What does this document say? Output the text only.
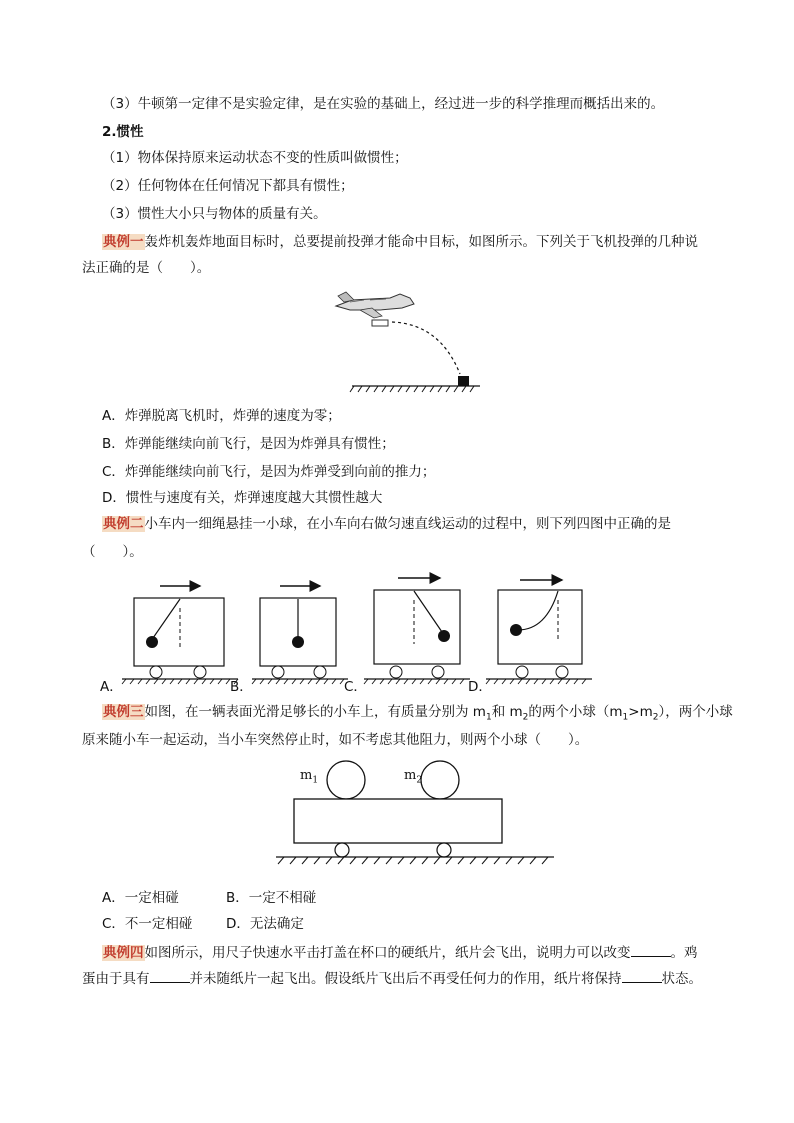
（3）牛顿第一定律不是实验定律，是在实验的基础上，经过进一步的科学推理而概括出来的。
2.惯性
（1）物体保持原来运动状态不变的性质叫做惯性；
（2）任何物体在任何情况下都具有惯性；
（3）惯性大小只与物体的质量有关。
典例一轰炸机轰炸地面目标时，总要提前投弹才能命中目标，如图所示。下列关于飞机投弹的几种说
法正确的是（　　）。
A．炸弹脱离飞机时，炸弹的速度为零；
B．炸弹能继续向前飞行，是因为炸弹具有惯性；
C．炸弹能继续向前飞行，是因为炸弹受到向前的推力；
D．惯性与速度有关，炸弹速度越大其惯性越大
典例二小车内一细绳悬挂一小球，在小车向右做匀速直线运动的过程中，则下列四图中正确的是
（　　）。
A．	B．	C．	D．
典例三如图，在一辆表面光滑足够长的小车上，有质量分别为 $m_1$和 $m_2$的两个小球$(m_1>m_2)$，两个小球
原来随小车一起运动，当小车突然停止时，如不考虑其他阻力，则两个小球（　　）。
$m_1$	$m_2$
A．一定相碰	B．一定不相碰
C．不一定相碰 D．无法确定
典例四如图所示，用尺子快速水平击打盖在杯口的硬纸片，纸片会飞出，说明力可以改变	。鸡
蛋由于具有	并未随纸片一起飞出。假设纸片飞出后不再受任何力的作用，纸片将保持	状态。
